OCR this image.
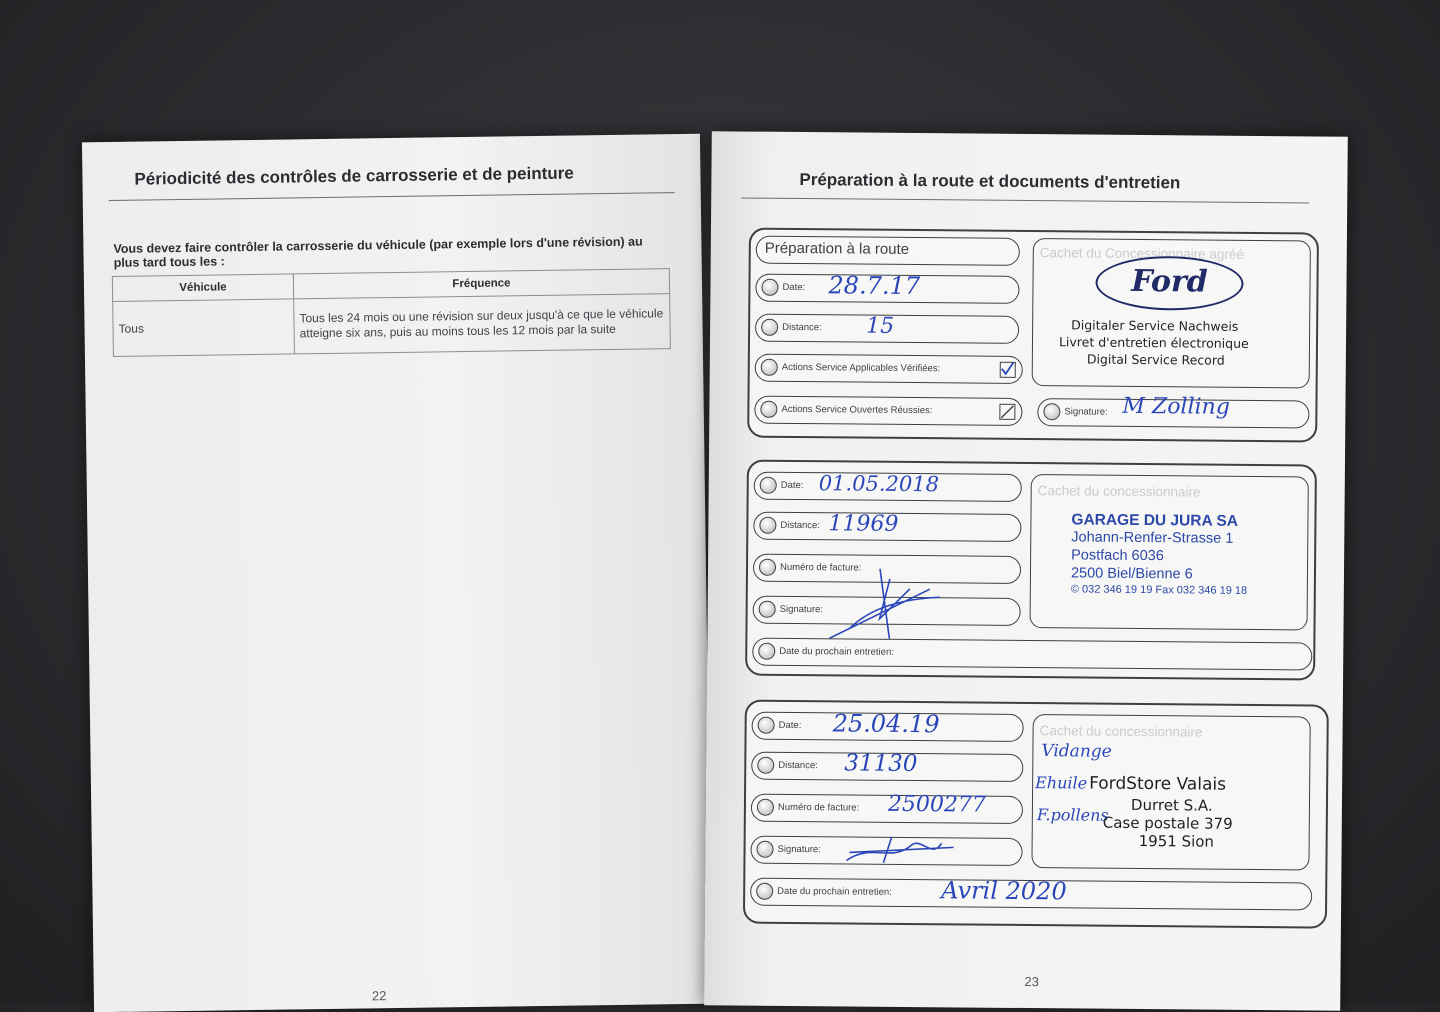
Périodicité des contrôles de carrosserie et de peinture
Vous devez faire contrôler la carrosserie du véhicule (par exemple lors d'une révision) au plus tard tous les :
Véhicule	Fréquence
Tous	Tous les 24 mois ou une révision sur deux jusqu'à ce que le véhicule atteigne six ans, puis au moins tous les 12 mois par la suite
22
Préparation à la route et documents d'entretien
Préparation à la route
Date: 28.7.17
Distance: 15
Actions Service Applicables Vérifiées:
Actions Service Ouvertes Réussies:
Cachet du Concessionnaire agréé
Ford
Digitaler Service Nachweis
Livret d'entretien électronique
Digital Service Record
Signature: M Zolling
Date: 01.05.2018
Distance: 11969
Numéro de facture:
Signature:
Date du prochain entretien:
Cachet du concessionnaire
GARAGE DU JURA SA
Johann-Renfer-Strasse 1
Postfach 6036
2500 Biel/Bienne 6
© 032 346 19 19 Fax 032 346 19 18
Date: 25.04.19
Distance: 31130
Numéro de facture: 2500277
Signature:
Date du prochain entretien: Avril 2020
Cachet du concessionnaire
Vidange
Ehuile
F.pollens
FordStore Valais
Durret S.A.
Case postale 379
1951 Sion
23
